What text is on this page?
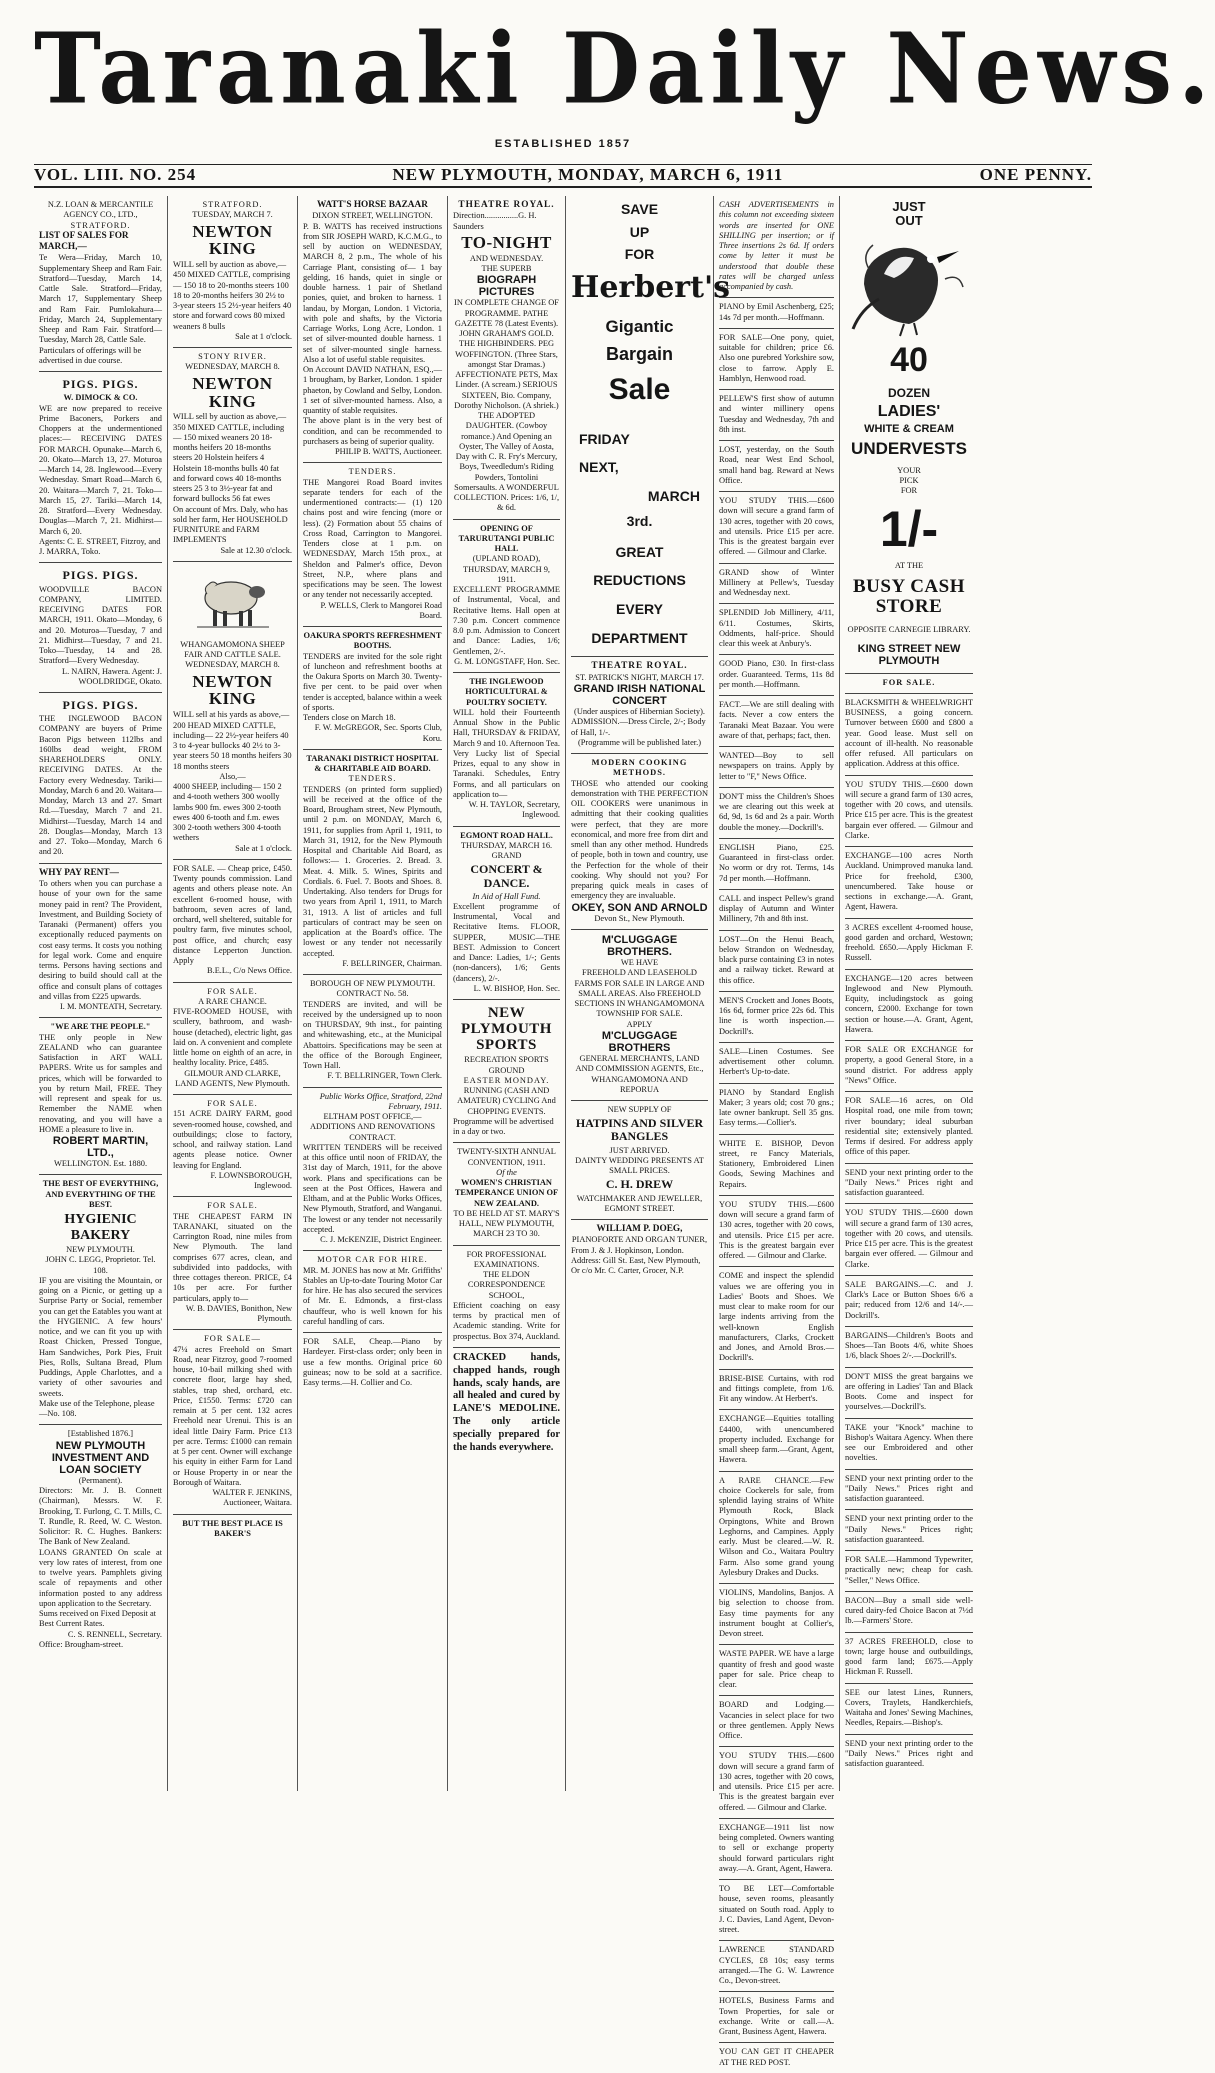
Taranaki Daily News.
ESTABLISHED 1857
VOL. LIII. NO. 254	NEW PLYMOUTH, MONDAY, MARCH 6, 1911	ONE PENNY.
N.Z. LOAN & MERCANTILE AGENCY CO., LTD.,
STRATFORD.
LIST OF SALES FOR MARCH,—
Te Wera—Friday, March 10, Supplementary Sheep and Ram Fair. Stratford—Tuesday, March 14, Cattle Sale. Stratford—Friday, March 17, Supplementary Sheep and Ram Fair. Pumlokahura—Friday, March 24, Supplementary Sheep and Ram Fair. Stratford—Tuesday, March 28, Cattle Sale.
Particulars of offerings will be advertised in due course.
PIGS. PIGS.
W. DIMOCK & CO.
WE are now prepared to receive Prime Baconers, Porkers and Choppers at the undermentioned places:— RECEIVING DATES FOR MARCH. Opunake—March 6, 20. Okato—March 13, 27. Moturoa—March 14, 28. Inglewood—Every Wednesday. Smart Road—March 6, 20. Waitara—March 7, 21. Toko—March 15, 27. Tariki—March 14, 28. Stratford—Every Wednesday. Douglas—March 7, 21. Midhirst—March 6, 20.
Agents: C. E. STREET, Fitzroy, and J. MARRA, Toko.
PIGS. PIGS.
WOODVILLE BACON COMPANY, LIMITED. RECEIVING DATES FOR MARCH, 1911. Okato—Monday, 6 and 20. Moturoa—Tuesday, 7 and 21. Midhirst—Tuesday, 7 and 21. Toko—Tuesday, 14 and 28. Stratford—Every Wednesday.
L. NAIRN, Hawera. Agent: J. WOOLDRIDGE, Okato.
PIGS. PIGS.
THE INGLEWOOD BACON COMPANY are buyers of Prime Bacon Pigs between 112lbs and 160lbs dead weight, FROM SHAREHOLDERS ONLY. RECEIVING DATES. At the Factory every Wednesday. Tariki—Monday, March 6 and 20. Waitara—Monday, March 13 and 27. Smart Rd.—Tuesday, March 7 and 21. Midhirst—Tuesday, March 14 and 28. Douglas—Monday, March 13 and 27. Toko—Monday, March 6 and 20.
WHY PAY RENT—
To others when you can purchase a house of your own for the same money paid in rent? The Provident, Investment, and Building Society of Taranaki (Permanent) offers you exceptionally reduced payments on cost easy terms. It costs you nothing for legal work. Come and enquire terms. Persons having sections and desiring to build should call at the office and consult plans of cottages and villas from £225 upwards.
I. M. MONTEATH, Secretary.
"WE ARE THE PEOPLE."
THE only people in New ZEALAND who can guarantee Satisfaction in ART WALL PAPERS. Write us for samples and prices, which will be forwarded to you by return Mail, FREE. They will represent and speak for us. Remember the NAME when renovating, and you will have a HOME a pleasure to live in.
ROBERT MARTIN, LTD.,
WELLINGTON. Est. 1880.
THE BEST OF EVERYTHING, AND EVERYTHING OF THE BEST.
HYGIENIC BAKERY
NEW PLYMOUTH.
JOHN C. LEGG, Proprietor. Tel. 108.
IF you are visiting the Mountain, or going on a Picnic, or getting up a Surprise Party or Social, remember you can get the Eatables you want at the HYGIENIC. A few hours' notice, and we can fit you up with Roast Chicken, Pressed Tongue, Ham Sandwiches, Pork Pies, Fruit Pies, Rolls, Sultana Bread, Plum Puddings, Apple Charlottes, and a variety of other savouries and sweets.
Make use of the Telephone, please—No. 108.
[Established 1876.]
NEW PLYMOUTH INVESTMENT AND LOAN SOCIETY
(Permanent).
Directors: Mr. J. B. Connett (Chairman), Messrs. W. F. Brooking, T. Furlong, C. T. Mills, C. T. Rundle, R. Reed, W. C. Weston. Solicitor: R. C. Hughes. Bankers: The Bank of New Zealand.
LOANS GRANTED On scale at very low rates of interest, from one to twelve years. Pamphlets giving scale of repayments and other information posted to any address upon application to the Secretary.
Sums received on Fixed Deposit at Best Current Rates.
C. S. RENNELL, Secretary.
Office: Brougham-street.
STRATFORD.
TUESDAY, MARCH 7.
NEWTON KING
WILL sell by auction as above,— 450 MIXED CATTLE, comprising— 150 18 to 20-months steers 100 18 to 20-months heifers 30 2½ to 3-year steers 15 2½-year heifers 40 store and forward cows 80 mixed weaners 8 bulls
Sale at 1 o'clock.
STONY RIVER.
WEDNESDAY, MARCH 8.
NEWTON KING
WILL sell by auction as above,— 350 MIXED CATTLE, including— 150 mixed weaners 20 18-months heifers 20 18-months steers 20 Holstein heifers 4 Holstein 18-months bulls 40 fat and forward cows 40 18-months steers 25 3 to 3½-year fat and forward bullocks 56 fat ewes
On account of Mrs. Daly, who has sold her farm, Her HOUSEHOLD FURNITURE and FARM IMPLEMENTS
Sale at 12.30 o'clock.
WHANGAMOMONA SHEEP FAIR AND CATTLE SALE.
WEDNESDAY, MARCH 8.
NEWTON KING
WILL sell at his yards as above,— 200 HEAD MIXED CATTLE, including— 22 2½-year heifers 40 3 to 4-year bullocks 40 2½ to 3-year steers 50 18 months heifers 30 18 months steers
Also,—
4000 SHEEP, including— 150 2 and 4-tooth wethers 300 woolly lambs 900 fm. ewes 300 2-tooth ewes 400 6-tooth and f.m. ewes 300 2-tooth wethers 300 4-tooth wethers
Sale at 1 o'clock.
FOR SALE. — Cheap price, £450. Twenty pounds commission. Land agents and others please note. An excellent 6-roomed house, with bathroom, seven acres of land, orchard, well sheltered, suitable for poultry farm, five minutes school, post office, and church; easy distance Lepperton Junction. Apply
B.E.L., C/o News Office.
FOR SALE.
A RARE CHANCE.
FIVE-ROOMED HOUSE, with scullery, bathroom, and wash-house (detached), electric light, gas laid on. A convenient and complete little home on eighth of an acre, in healthy locality. Price, £485.
GILMOUR AND CLARKE, LAND AGENTS, New Plymouth.
FOR SALE.
151 ACRE DAIRY FARM, good seven-roomed house, cowshed, and outbuildings; close to factory, school, and railway station. Land agents please notice. Owner leaving for England.
F. LOWNSBOROUGH, Inglewood.
FOR SALE.
THE CHEAPEST FARM IN TARANAKI, situated on the Carrington Road, nine miles from New Plymouth. The land comprises 677 acres, clean, and subdivided into paddocks, with three cottages thereon. PRICE, £4 10s per acre. For further particulars, apply to—
W. B. DAVIES, Bonithon, New Plymouth.
FOR SALE—
47¼ acres Freehold on Smart Road, near Fitzroy, good 7-roomed house, 10-bail milking shed with concrete floor, large hay shed, stables, trap shed, orchard, etc. Price, £1550. Terms: £720 can remain at 5 per cent. 132 acres Freehold near Urenui. This is an ideal little Dairy Farm. Price £13 per acre. Terms: £1000 can remain at 5 per cent. Owner will exchange his equity in either Farm for Land or House Property in or near the Borough of Waitara.
WALTER F. JENKINS, Auctioneer, Waitara.
BUT THE BEST PLACE IS BAKER'S
WATT'S HORSE BAZAAR
DIXON STREET, WELLINGTON.
P. B. WATTS has received instructions from SIR JOSEPH WARD, K.C.M.G., to sell by auction on WEDNESDAY, MARCH 8, 2 p.m., The whole of his Carriage Plant, consisting of— 1 bay gelding, 16 hands, quiet in single or double harness. 1 pair of Shetland ponies, quiet, and broken to harness. 1 landau, by Morgan, London. 1 Victoria, with pole and shafts, by the Victoria Carriage Works, Long Acre, London. 1 set of silver-mounted double harness. 1 set of silver-mounted single harness. Also a lot of useful stable requisites.
On Account DAVID NATHAN, ESQ.,— 1 brougham, by Barker, London. 1 spider phaeton, by Cowland and Selby, London. 1 set of silver-mounted harness. Also, a quantity of stable requisites.
The above plant is in the very best of condition, and can be recommended to purchasers as being of superior quality.
PHILIP B. WATTS, Auctioneer.
TENDERS.
THE Mangorei Road Board invites separate tenders for each of the undermentioned contracts:— (1) 120 chains post and wire fencing (more or less). (2) Formation about 55 chains of Cross Road, Carrington to Mangorei. Tenders close at 1 p.m. on WEDNESDAY, March 15th prox., at Sheldon and Palmer's office, Devon Street, N.P., where plans and specifications may be seen. The lowest or any tender not necessarily accepted.
P. WELLS, Clerk to Mangorei Road Board.
OAKURA SPORTS REFRESHMENT BOOTHS.
TENDERS are invited for the sole right of luncheon and refreshment booths at the Oakura Sports on March 30. Twenty-five per cent. to be paid over when tender is accepted, balance within a week of sports.
Tenders close on March 18.
F. W. McGREGOR, Sec. Sports Club, Koru.
TARANAKI DISTRICT HOSPITAL & CHARITABLE AID BOARD.
TENDERS.
TENDERS (on printed form supplied) will be received at the office of the Board, Brougham street, New Plymouth, until 2 p.m. on MONDAY, March 6, 1911, for supplies from April 1, 1911, to March 31, 1912, for the New Plymouth Hospital and Charitable Aid Board, as follows:— 1. Groceries. 2. Bread. 3. Meat. 4. Milk. 5. Wines, Spirits and Cordials. 6. Fuel. 7. Boots and Shoes. 8. Undertaking. Also tenders for Drugs for two years from April 1, 1911, to March 31, 1913. A list of articles and full particulars of contract may be seen on application at the Board's office. The lowest or any tender not necessarily accepted.
F. BELLRINGER, Chairman.
BOROUGH OF NEW PLYMOUTH.
CONTRACT No. 58.
TENDERS are invited, and will be received by the undersigned up to noon on THURSDAY, 9th inst., for painting and whitewashing, etc., at the Municipal Abattoirs. Specifications may be seen at the office of the Borough Engineer, Town Hall.
F. T. BELLRINGER, Town Clerk.
Public Works Office, Stratford, 22nd February, 1911.
ELTHAM POST OFFICE,—ADDITIONS AND RENOVATIONS CONTRACT.
WRITTEN TENDERS will be received at this office until noon of FRIDAY, the 31st day of March, 1911, for the above work. Plans and specifications can be seen at the Post Offices, Hawera and Eltham, and at the Public Works Offices, New Plymouth, Stratford, and Wanganui. The lowest or any tender not necessarily accepted.
C. J. McKENZIE, District Engineer.
MOTOR CAR FOR HIRE.
MR. M. JONES has now at Mr. Griffiths' Stables an Up-to-date Touring Motor Car for hire. He has also secured the services of Mr. E. Edmonds, a first-class chauffeur, who is well known for his careful handling of cars.
FOR SALE, Cheap.—Piano by Hardeyer. First-class order; only been in use a few months. Original price 60 guineas; now to be sold at a sacrifice. Easy terms.—H. Collier and Co.
THEATRE ROYAL.
Direction................G. H. Saunders
TO-NIGHT
AND WEDNESDAY.
THE SUPERB
BIOGRAPH PICTURES
IN COMPLETE CHANGE OF PROGRAMME. PATHE GAZETTE 78 (Latest Events). JOHN GRAHAM'S GOLD. THE HIGHBINDERS. PEG WOFFINGTON. (Three Stars, amongst Star Dramas.) AFFECTIONATE PETS, Max Linder. (A scream.) SERIOUS SIXTEEN, Bio. Company, Dorothy Nicholson. (A shriek.) THE ADOPTED DAUGHTER. (Cowboy romance.) And Opening an Oyster, The Valley of Aosta, Day with C. R. Fry's Mercury, Boys, Tweedledum's Riding Powders, Tontolini Somersaults. A WONDERFUL COLLECTION. Prices: 1/6, 1/, & 6d.
OPENING OF TARURUTANGI PUBLIC HALL
(UPLAND ROAD),
THURSDAY, MARCH 9, 1911.
EXCELLENT PROGRAMME of Instrumental, Vocal, and Recitative Items. Hall open at 7.30 p.m. Concert commence 8.0 p.m. Admission to Concert and Dance: Ladies, 1/6; Gentlemen, 2/-.
G. M. LONGSTAFF, Hon. Sec.
THE INGLEWOOD HORTICULTURAL & POULTRY SOCIETY.
WILL hold their Fourteenth Annual Show in the Public Hall, THURSDAY & FRIDAY, March 9 and 10. Afternoon Tea. Very Lucky list of Special Prizes, equal to any show in Taranaki. Schedules, Entry Forms, and all particulars on application to—
W. H. TAYLOR, Secretary, Inglewood.
EGMONT ROAD HALL.
THURSDAY, MARCH 16.
GRAND
CONCERT & DANCE.
In Aid of Hall Fund.
Excellent programme of Instrumental, Vocal and Recitative Items. FLOOR, SUPPER, MUSIC—THE BEST. Admission to Concert and Dance: Ladies, 1/-; Gents (non-dancers), 1/6; Gents (dancers), 2/-.
L. W. BISHOP, Hon. Sec.
NEW PLYMOUTH SPORTS
RECREATION SPORTS GROUND
EASTER MONDAY.
RUNNING (CASH AND AMATEUR) CYCLING And CHOPPING EVENTS.
Programme will be advertised in a day or two.
TWENTY-SIXTH ANNUAL CONVENTION, 1911.
Of the
WOMEN'S CHRISTIAN TEMPERANCE UNION OF NEW ZEALAND.
TO BE HELD AT ST. MARY'S HALL, NEW PLYMOUTH, MARCH 23 TO 30.
FOR PROFESSIONAL EXAMINATIONS.
THE ELDON CORRESPONDENCE SCHOOL,
Efficient coaching on easy terms by practical men of Academic standing. Write for prospectus. Box 374, Auckland.
CRACKED hands, chapped hands, rough hands, scaly hands, are all healed and cured by LANE'S MEDOLINE. The only article specially prepared for the hands everywhere.
SAVE
UP
FOR
Herbert's
Gigantic
Bargain
Sale
FRIDAY
NEXT,
MARCH
3rd.
GREAT
REDUCTIONS
EVERY
DEPARTMENT
THEATRE ROYAL.
ST. PATRICK'S NIGHT, MARCH 17.
GRAND IRISH NATIONAL CONCERT
(Under auspices of Hibernian Society).
ADMISSION.—Dress Circle, 2/-; Body of Hall, 1/-.
(Programme will be published later.)
MODERN COOKING METHODS.
THOSE who attended our cooking demonstration with THE PERFECTION OIL COOKERS were unanimous in admitting that their cooking qualities were perfect, that they are more economical, and more free from dirt and smell than any other method. Hundreds of people, both in town and country, use the Perfection for the whole of their cooking. Why should not you? For preparing quick meals in cases of emergency they are invaluable.
OKEY, SON AND ARNOLD
Devon St., New Plymouth.
M'CLUGGAGE BROTHERS.
WE HAVE
FREEHOLD AND LEASEHOLD FARMS FOR SALE IN LARGE AND SMALL AREAS. Also FREEHOLD SECTIONS IN WHANGAMOMONA TOWNSHIP FOR SALE.
APPLY
M'CLUGGAGE BROTHERS
GENERAL MERCHANTS, LAND AND COMMISSION AGENTS, Etc., WHANGAMOMONA AND REPORUA
NEW SUPPLY OF
HATPINS AND SILVER BANGLES
JUST ARRIVED.
DAINTY WEDDING PRESENTS AT SMALL PRICES.
C. H. DREW
WATCHMAKER AND JEWELLER, EGMONT STREET.
WILLIAM P. DOEG,
PIANOFORTE AND ORGAN TUNER,
From J. & J. Hopkinson, London. Address: Gill St. East, New Plymouth, Or c/o Mr. C. Carter, Grocer, N.P.
CASH ADVERTISEMENTS in this column not exceeding sixteen words are inserted for ONE SHILLING per insertion; or if Three insertions 2s 6d. If orders come by letter it must be understood that double these rates will be charged unless accompanied by cash.
PIANO by Emil Aschenberg, £25; 14s 7d per month.—Hoffmann.
FOR SALE—One pony, quiet, suitable for children; price £6. Also one purebred Yorkshire sow, close to farrow. Apply E. Hamblyn, Henwood road.
PELLEW'S first show of autumn and winter millinery opens Tuesday and Wednesday, 7th and 8th inst.
LOST, yesterday, on the South Road, near West End School, small hand bag. Reward at News Office.
YOU STUDY THIS.—£600 down will secure a grand farm of 130 acres, together with 20 cows, and utensils. Price £15 per acre. This is the greatest bargain ever offered. — Gilmour and Clarke.
GRAND show of Winter Millinery at Pellew's, Tuesday and Wednesday next.
SPLENDID Job Millinery, 4/11, 6/11. Costumes, Skirts, Oddments, half-price. Should clear this week at Anbury's.
GOOD Piano, £30. In first-class order. Guaranteed. Terms, 11s 8d per month.—Hoffmann.
FACT.—We are still dealing with facts. Never a cow enters the Taranaki Meat Bazaar. You were aware of that, perhaps; fact, then.
WANTED—Boy to sell newspapers on trains. Apply by letter to "F," News Office.
DON'T miss the Children's Shoes we are clearing out this week at 6d, 9d, 1s 6d and 2s a pair. Worth double the money.—Dockrill's.
ENGLISH Piano, £25. Guaranteed in first-class order. No worm or dry rot. Terms, 14s 7d per month.—Hoffmann.
CALL and inspect Pellew's grand display of Autumn and Winter Millinery, 7th and 8th inst.
LOST—On the Henui Beach, below Strandon on Wednesday, black purse containing £3 in notes and a railway ticket. Reward at this office.
MEN'S Crockett and Jones Boots, 16s 6d, former price 22s 6d. This line is worth inspection.—Dockrill's.
SALE—Linen Costumes. See advertisement other column. Herbert's Up-to-date.
PIANO by Standard English Maker; 3 years old; cost 70 gns.; late owner bankrupt. Sell 35 gns. Easy terms.—Collier's.
WHITE E. BISHOP, Devon street, re Fancy Materials, Stationery, Embroidered Linen Goods, Sewing Machines and Repairs.
YOU STUDY THIS.—£600 down will secure a grand farm of 130 acres, together with 20 cows, and utensils. Price £15 per acre. This is the greatest bargain ever offered. — Gilmour and Clarke.
COME and inspect the splendid values we are offering you in Ladies' Boots and Shoes. We must clear to make room for our large indents arriving from the well-known English manufacturers, Clarks, Crockett and Jones, and Arnold Bros.—Dockrill's.
BRISE-BISE Curtains, with rod and fittings complete, from 1/6. Fit any window. At Herbert's.
EXCHANGE—Equities totalling £4400, with unencumbered property included. Exchange for small sheep farm.—Grant, Agent, Hawera.
A RARE CHANCE.—Few choice Cockerels for sale, from splendid laying strains of White Plymouth Rock, Black Orpingtons, White and Brown Leghorns, and Campines. Apply early. Must be cleared.—W. R. Wilson and Co., Waitara Poultry Farm. Also some grand young Aylesbury Drakes and Ducks.
VIOLINS, Mandolins, Banjos. A big selection to choose from. Easy time payments for any instrument bought at Collier's, Devon street.
WASTE PAPER. WE have a large quantity of fresh and good waste paper for sale. Price cheap to clear.
BOARD and Lodging.—Vacancies in select place for two or three gentlemen. Apply News Office.
YOU STUDY THIS.—£600 down will secure a grand farm of 130 acres, together with 20 cows, and utensils. Price £15 per acre. This is the greatest bargain ever offered. — Gilmour and Clarke.
EXCHANGE—1911 list now being completed. Owners wanting to sell or exchange property should forward particulars right away.—A. Grant, Agent, Hawera.
TO BE LET—Comfortable house, seven rooms, pleasantly situated on South road. Apply to J. C. Davies, Land Agent, Devon-street.
LAWRENCE STANDARD CYCLES, £8 10s; easy terms arranged.—The G. W. Lawrence Co., Devon-street.
HOTELS, Business Farms and Town Properties, for sale or exchange. Write or call.—A. Grant, Business Agent, Hawera.
YOU CAN GET IT CHEAPER AT THE RED POST.
JUST
OUT
40
DOZEN
LADIES'
WHITE & CREAM
UNDERVESTS
YOUR
PICK
FOR
1/-
AT THE
BUSY CASH STORE
OPPOSITE CARNEGIE LIBRARY.
KING STREET NEW PLYMOUTH
FOR SALE.
BLACKSMITH & WHEELWRIGHT BUSINESS, a going concern. Turnover between £600 and £800 a year. Good lease. Must sell on account of ill-health. No reasonable offer refused. All particulars on application. Address at this office.
YOU STUDY THIS.—£600 down will secure a grand farm of 130 acres, together with 20 cows, and utensils. Price £15 per acre. This is the greatest bargain ever offered. — Gilmour and Clarke.
EXCHANGE—100 acres North Auckland. Unimproved manuka land. Price for freehold, £300, unencumbered. Take house or sections in exchange.—A. Grant, Agent, Hawera.
3 ACRES excellent 4-roomed house, good garden and orchard, Westown; freehold. £650.—Apply Hickman F. Russell.
EXCHANGE—120 acres between Inglewood and New Plymouth. Equity, includingstock as going concern, £2000. Exchange for town section or house.—A. Grant, Agent, Hawera.
FOR SALE OR EXCHANGE for property, a good General Store, in a sound district. For address apply "News" Office.
FOR SALE—16 acres, on Old Hospital road, one mile from town; river boundary; ideal suburban residential site; extensively planted. Terms if desired. For address apply office of this paper.
SEND your next printing order to the "Daily News." Prices right and satisfaction guaranteed.
YOU STUDY THIS.—£600 down will secure a grand farm of 130 acres, together with 20 cows, and utensils. Price £15 per acre. This is the greatest bargain ever offered. — Gilmour and Clarke.
SALE BARGAINS.—C. and J. Clark's Lace or Button Shoes 6/6 a pair; reduced from 12/6 and 14/-.—Dockrill's.
BARGAINS—Children's Boots and Shoes—Tan Boots 4/6, white Shoes 1/6, black Shoes 2/-.—Dockrill's.
DON'T MISS the great bargains we are offering in Ladies' Tan and Black Boots. Come and inspect for yourselves.—Dockrill's.
TAKE your "Knock" machine to Bishop's Waitara Agency. When there see our Embroidered and other novelties.
SEND your next printing order to the "Daily News." Prices right and satisfaction guaranteed.
SEND your next printing order to the "Daily News." Prices right; satisfaction guaranteed.
FOR SALE.—Hammond Typewriter, practically new; cheap for cash. "Seller," News Office.
BACON—Buy a small side well-cured dairy-fed Choice Bacon at 7½d lb.—Farmers' Store.
37 ACRES FREEHOLD, close to town; large house and outbuildings, good farm land; £675.—Apply Hickman F. Russell.
SEE our latest Lines, Runners, Covers, Traylets, Handkerchiefs, Waitaha and Jones' Sewing Machines, Needles, Repairs.—Bishop's.
SEND your next printing order to the "Daily News." Prices right and satisfaction guaranteed.
